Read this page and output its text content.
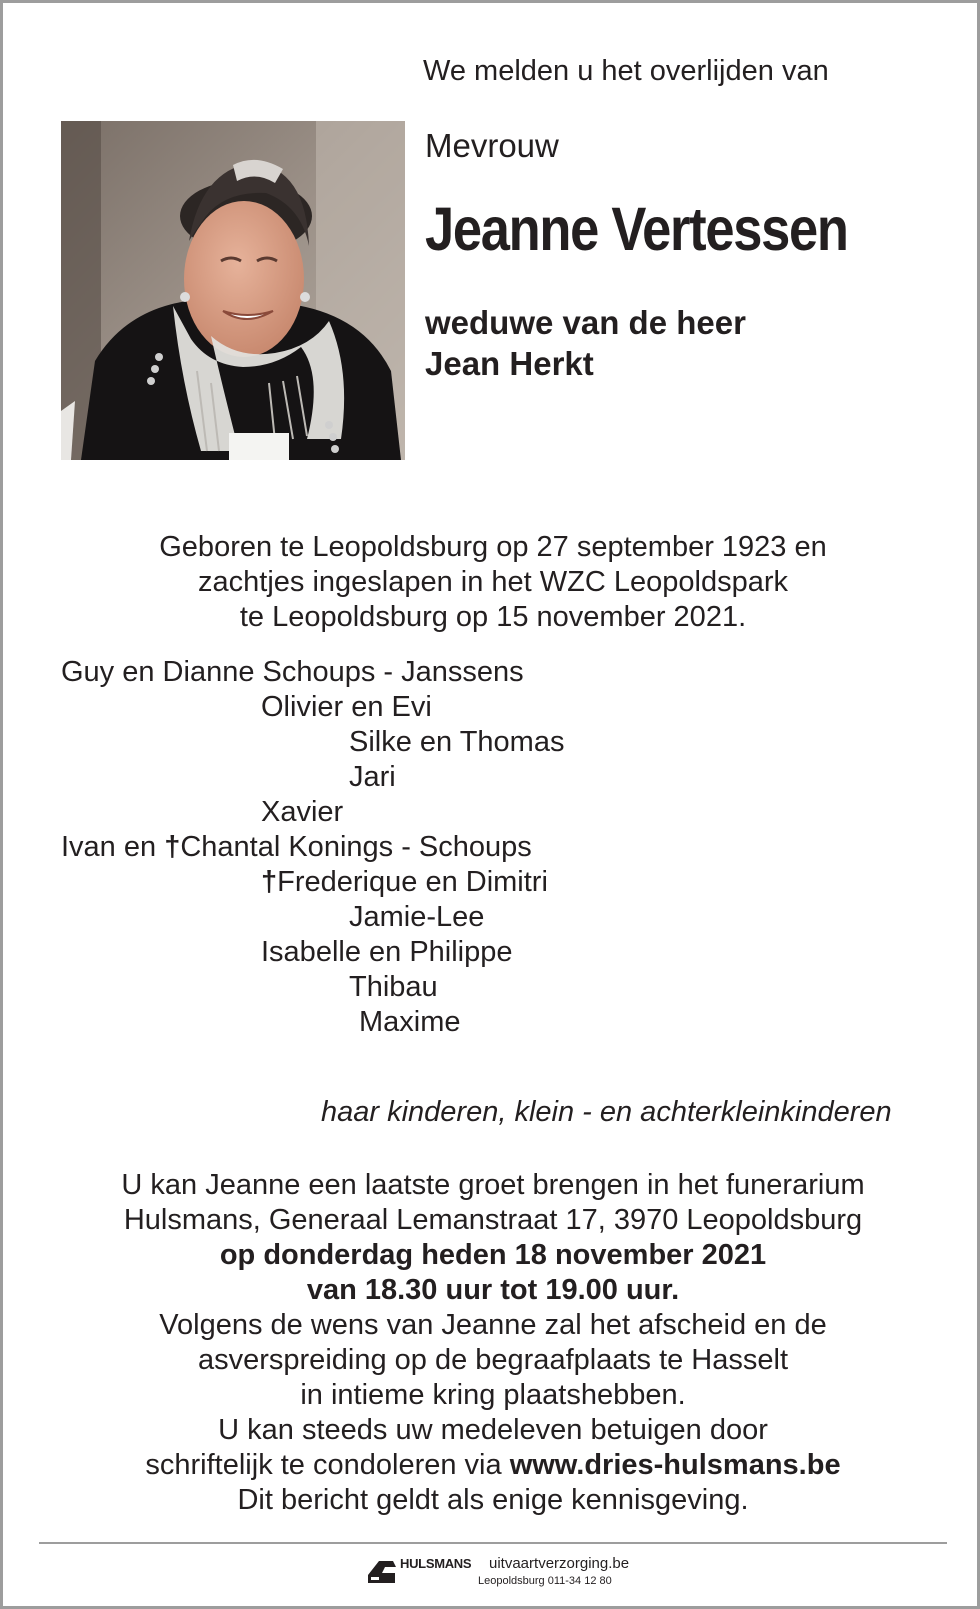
We melden u het overlijden van
Mevrouw
Jeanne Vertessen
weduwe van de heer
Jean Herkt
Geboren te Leopoldsburg op 27 september 1923 en
zachtjes ingeslapen in het WZC Leopoldspark
te Leopoldsburg op 15 november 2021.
Guy en Dianne Schoups - Janssens
Olivier en Evi
Silke en Thomas
Jari
Xavier
Ivan en †Chantal Konings - Schoups
†Frederique en Dimitri
Jamie-Lee
Isabelle en Philippe
Thibau
Maxime
haar kinderen, klein - en achterkleinkinderen
U kan Jeanne een laatste groet brengen in het funerarium
Hulsmans, Generaal Lemanstraat 17, 3970 Leopoldsburg
op donderdag heden 18 november 2021
van 18.30 uur tot 19.00 uur.
Volgens de wens van Jeanne zal het afscheid en de
asverspreiding op de begraafplaats te Hasselt
in intieme kring plaatshebben.
U kan steeds uw medeleven betuigen door
schriftelijk te condoleren via www.dries-hulsmans.be
Dit bericht geldt als enige kennisgeving.
HULSMANS uitvaartverzorging.be
Leopoldsburg 011-34 12 80
